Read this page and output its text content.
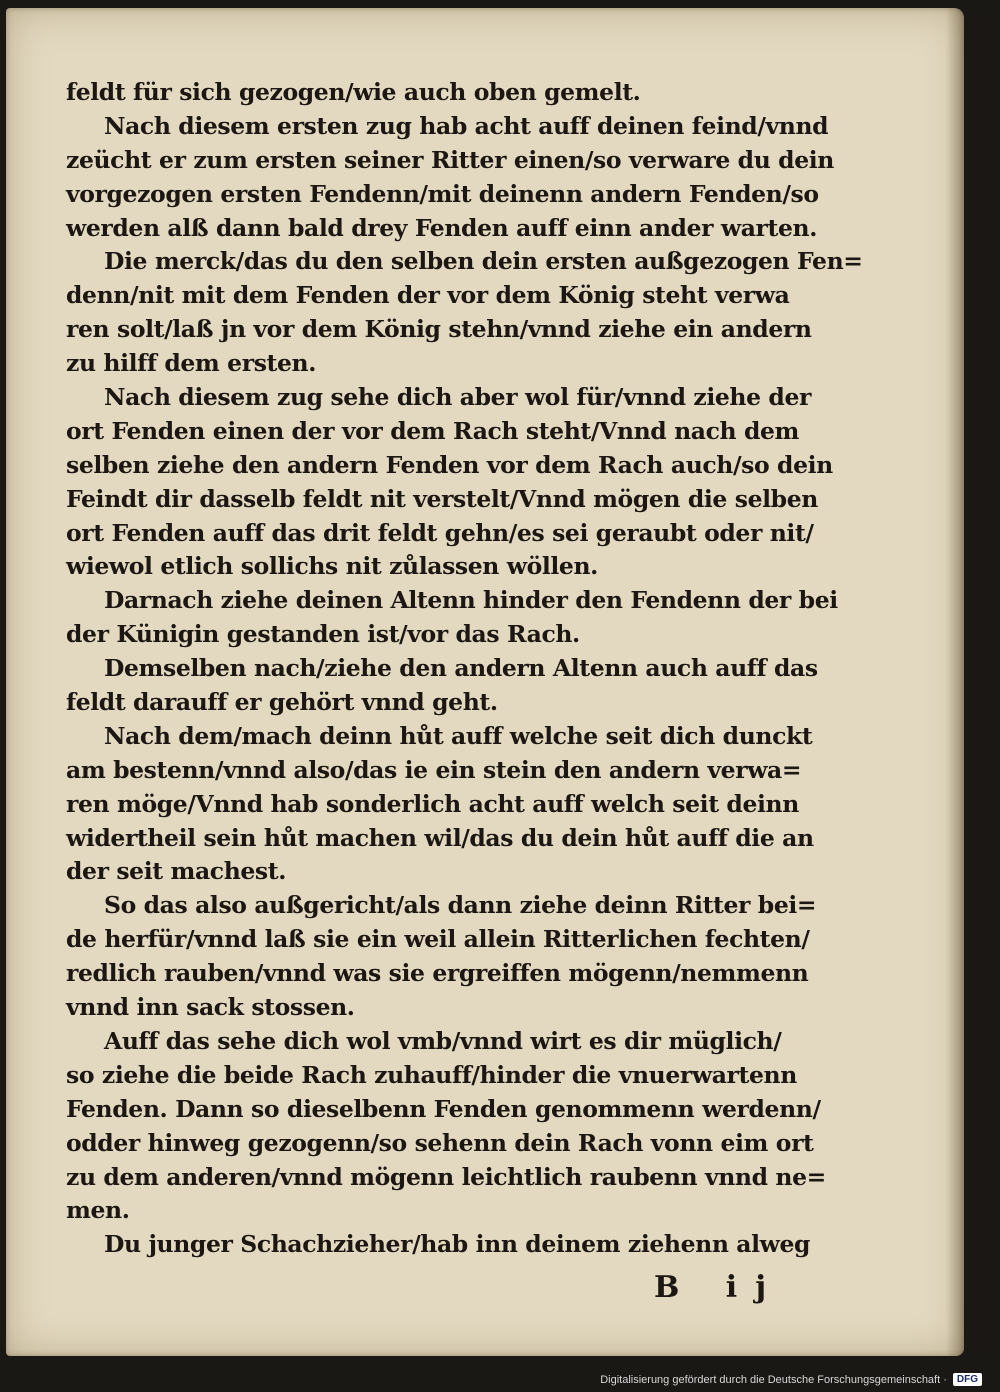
feldt für sich gezogen/wie auch oben gemelt.
Nach diesem ersten zug hab acht auff deinen feind/vnnd
zeücht er zum ersten seiner Ritter einen/so verware du dein
vorgezogen ersten Fendenn/mit deinenn andern Fenden/so
werden alß dann bald drey Fenden auff einn ander warten.
Die merck/das du den selben dein ersten außgezogen Fen=
denn/nit mit dem Fenden der vor dem König steht verwa
ren solt/laß jn vor dem König stehn/vnnd ziehe ein andern
zu hilff dem ersten.
Nach diesem zug sehe dich aber wol für/vnnd ziehe der
ort Fenden einen der vor dem Rach steht/Vnnd nach dem
selben ziehe den andern Fenden vor dem Rach auch/so dein
Feindt dir dasselb feldt nit verstelt/Vnnd mögen die selben
ort Fenden auff das drit feldt gehn/es sei geraubt oder nit/
wiewol etlich sollichs nit zůlassen wöllen.
Darnach ziehe deinen Altenn hinder den Fendenn der bei
der Künigin gestanden ist/vor das Rach.
Demselben nach/ziehe den andern Altenn auch auff das
feldt darauff er gehört vnnd geht.
Nach dem/mach deinn hůt auff welche seit dich dunckt
am bestenn/vnnd also/das ie ein stein den andern verwa=
ren möge/Vnnd hab sonderlich acht auff welch seit deinn
widertheil sein hůt machen wil/das du dein hůt auff die an
der seit machest.
So das also außgericht/als dann ziehe deinn Ritter bei=
de herfür/vnnd laß sie ein weil allein Ritterlichen fechten/
redlich rauben/vnnd was sie ergreiffen mögenn/nemmenn
vnnd inn sack stossen.
Auff das sehe dich wol vmb/vnnd wirt es dir müglich/
so ziehe die beide Rach zuhauff/hinder die vnuerwartenn
Fenden. Dann so dieselbenn Fenden genommenn werdenn/
odder hinweg gezogenn/so sehenn dein Rach vonn eim ort
zu dem anderen/vnnd mögenn leichtlich raubenn vnnd ne=
men.
Du junger Schachzieher/hab inn deinem ziehenn alweg
B ij
Digitalisierung gefördert durch die Deutsche Forschungsgemeinschaft ·	DFG
